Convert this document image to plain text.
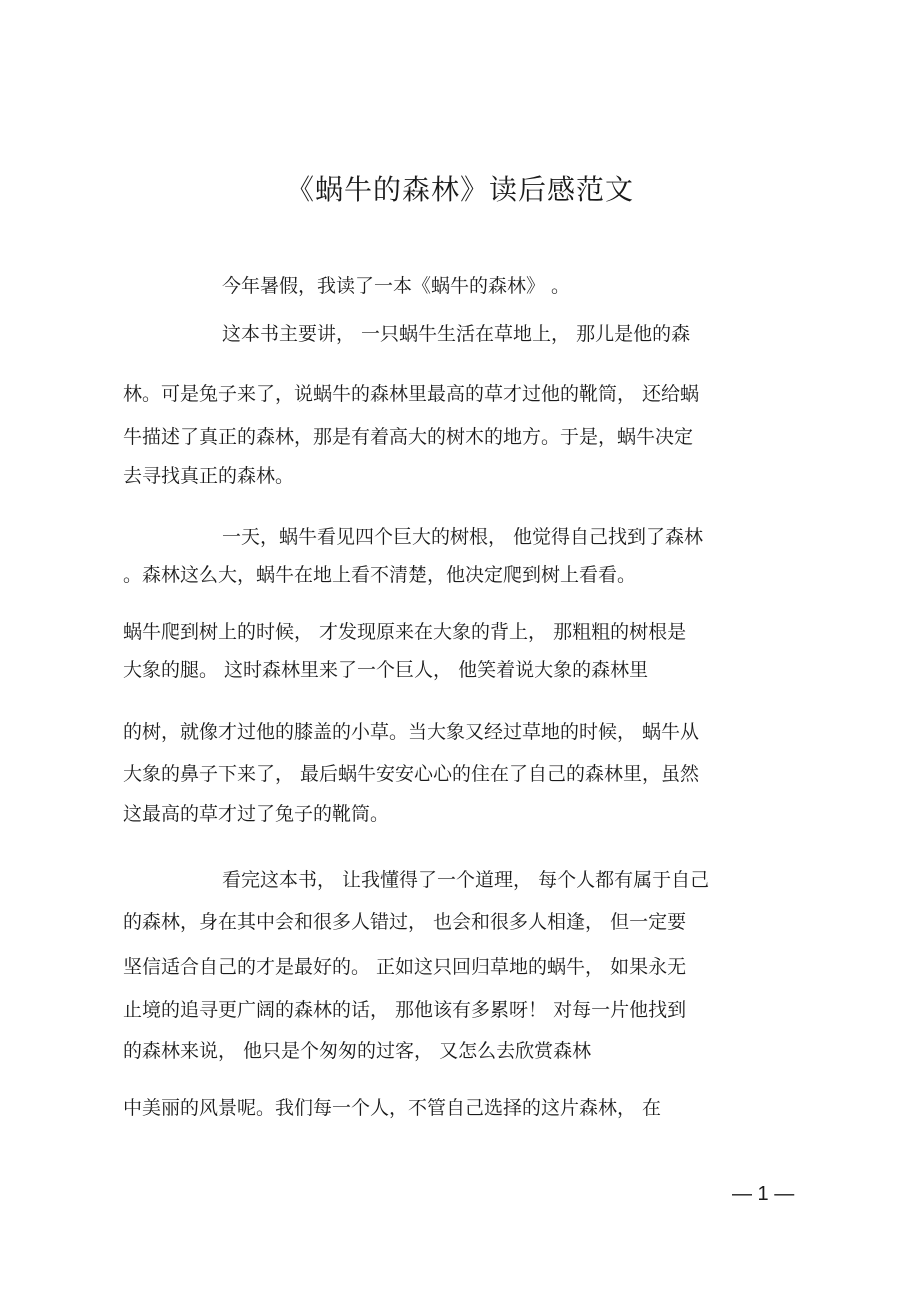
《蜗牛的森林》读后感范文
今年暑假，我读了一本《蜗牛的森林》 。
这本书主要讲， 一只蜗牛生活在草地上， 那儿是他的森
林。可是兔子来了，说蜗牛的森林里最高的草才过他的靴筒， 还给蜗
牛描述了真正的森林，那是有着高大的树木的地方。于是，蜗牛决定
去寻找真正的森林。
一天，蜗牛看见四个巨大的树根， 他觉得自己找到了森林
。森林这么大，蜗牛在地上看不清楚，他决定爬到树上看看。
蜗牛爬到树上的时候， 才发现原来在大象的背上， 那粗粗的树根是
大象的腿。 这时森林里来了一个巨人， 他笑着说大象的森林里
的树，就像才过他的膝盖的小草。当大象又经过草地的时候， 蜗牛从
大象的鼻子下来了， 最后蜗牛安安心心的住在了自己的森林里，虽然
这最高的草才过了兔子的靴筒。
看完这本书， 让我懂得了一个道理， 每个人都有属于自己
的森林，身在其中会和很多人错过， 也会和很多人相逢， 但一定要
坚信适合自己的才是最好的。 正如这只回归草地的蜗牛， 如果永无
止境的追寻更广阔的森林的话， 那他该有多累呀！ 对每一片他找到
的森林来说， 他只是个匆匆的过客， 又怎么去欣赏森林
中美丽的风景呢。我们每一个人，不管自己选择的这片森林， 在
— 1 —
